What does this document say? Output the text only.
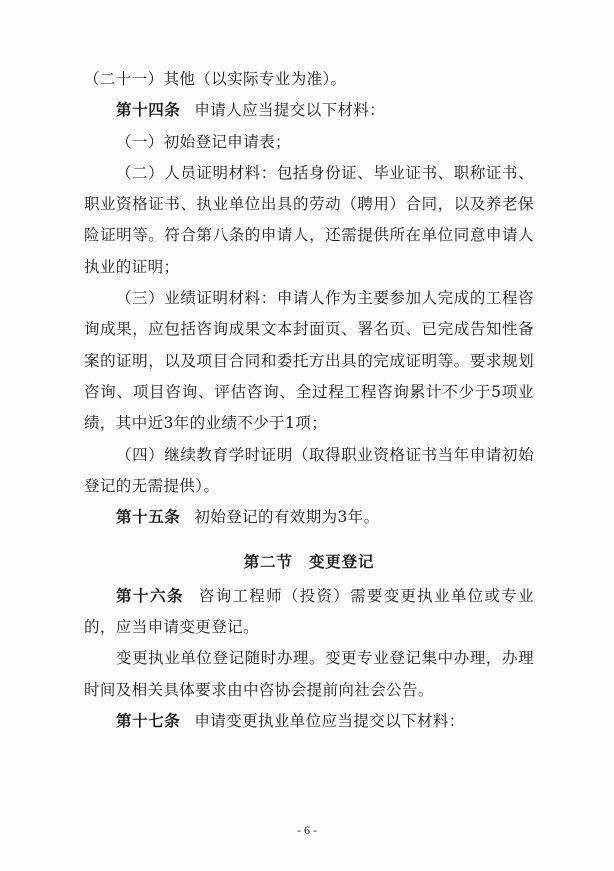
（二十一）其他（以实际专业为准）。

第十四条 申请人应当提交以下材料：

（一）初始登记申请表；

（二）人员证明材料：包括身份证、毕业证书、职称证书、职业资格证书、执业单位出具的劳动（聘用）合同，以及养老保险证明等。符合第八条的申请人，还需提供所在单位同意申请人执业的证明；

（三）业绩证明材料：申请人作为主要参加人完成的工程咨询成果，应包括咨询成果文本封面页、署名页、已完成告知性备案的证明，以及项目合同和委托方出具的完成证明等。要求规划咨询、项目咨询、评估咨询、全过程工程咨询累计不少于5项业绩，其中近3年的业绩不少于1项；

（四）继续教育学时证明（取得职业资格证书当年申请初始登记的无需提供）。

第十五条 初始登记的有效期为3年。

第二节　变更登记

第十六条 咨询工程师（投资）需要变更执业单位或专业的，应当申请变更登记。

变更执业单位登记随时办理。变更专业登记集中办理，办理时间及相关具体要求由中咨协会提前向社会公告。

第十七条 申请变更执业单位应当提交以下材料：

- 6 -
